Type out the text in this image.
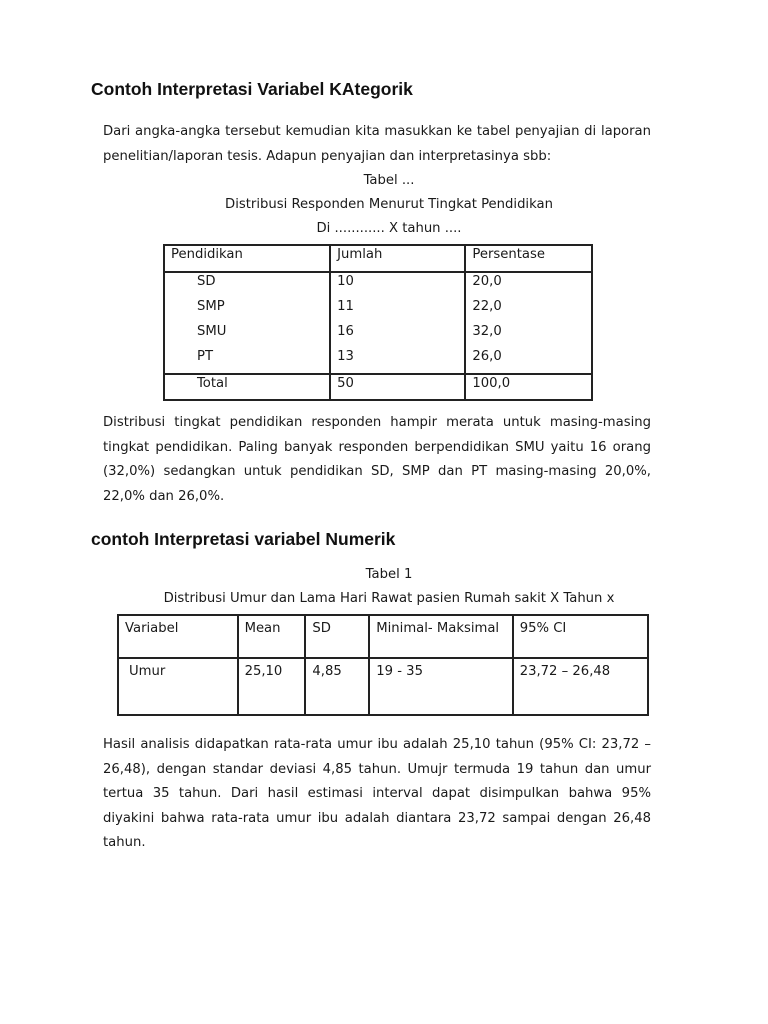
Contoh Interpretasi Variabel KAtegorik

Dari angka-angka tersebut kemudian kita masukkan ke tabel penyajian di laporan penelitian/laporan tesis. Adapun penyajian dan interpretasinya sbb:

Tabel ...

Distribusi Responden Menurut Tingkat Pendidikan

Di ............ X tahun ....

Pendidikan	Jumlah	Persentase
SD	10	20,0
SMP	11	22,0
SMU	16	32,0
PT	13	26,0
Total	50	100,0

Distribusi tingkat pendidikan responden hampir merata untuk masing-masing tingkat pendidikan. Paling banyak responden berpendidikan SMU yaitu 16 orang (32,0%) sedangkan untuk pendidikan SD, SMP dan PT masing-masing 20,0%, 22,0% dan 26,0%.

contoh Interpretasi variabel Numerik

Tabel 1

Distribusi Umur dan Lama Hari Rawat pasien Rumah sakit X Tahun x

Variabel	Mean	SD	Minimal- Maksimal	95% CI
Umur	25,10	4,85	19 - 35	23,72 – 26,48

Hasil analisis didapatkan rata-rata umur ibu adalah 25,10 tahun (95% CI: 23,72 – 26,48), dengan standar deviasi 4,85 tahun. Umujr termuda 19 tahun dan umur tertua 35 tahun. Dari hasil estimasi interval dapat disimpulkan bahwa 95% diyakini bahwa rata-rata umur ibu adalah diantara 23,72 sampai dengan 26,48 tahun.
